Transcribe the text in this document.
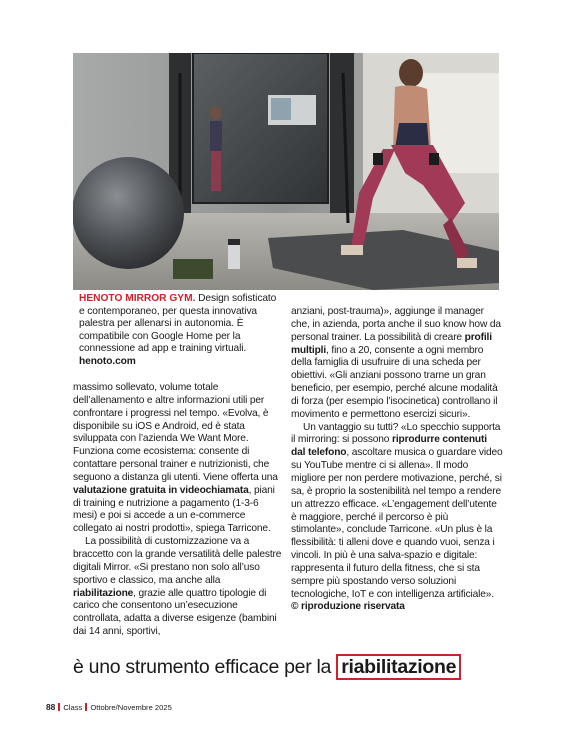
HENOTO MIRROR GYM. Design sofisticato e contemporaneo, per questa innovativa palestra per allenarsi in autonomia. È compatibile con Google Home per la connessione ad app e training virtuali. henoto.com

massimo sollevato, volume totale dell’allenamento e altre informazioni utili per confrontare i progressi nel tempo. «Evolva, è disponibile su iOS e Android, ed è stata sviluppata con l’azienda We Want More. Funziona come ecosistema: consente di contattare personal trainer e nutrizionisti, che seguono a distanza gli utenti. Viene offerta una valutazione gratuita in videochiamata, piani di training e nutrizione a pagamento (1-3-6 mesi) e poi si accede a un e-commerce collegato ai nostri prodotti», spiega Tarricone.

La possibilità di customizzazione va a braccetto con la grande versatilità delle palestre digitali Mirror. «Si prestano non solo all’uso sportivo e classico, ma anche alla riabilitazione, grazie alle quattro tipologie di carico che consentono un’esecuzione controllata, adatta a diverse esigenze (bambini dai 14 anni, sportivi,

anziani, post-trauma)», aggiunge il manager che, in azienda, porta anche il suo know how da personal trainer. La possibilità di creare profili multipli, fino a 20, consente a ogni membro della famiglia di usufruire di una scheda per obiettivi. «Gli anziani possono trarne un gran beneficio, per esempio, perché alcune modalità di forza (per esempio l’isocinetica) controllano il movimento e permettono esercizi sicuri».

Un vantaggio su tutti? «Lo specchio supporta il mirroring: si possono riprodurre contenuti dal telefono, ascoltare musica o guardare video su YouTube mentre ci si allena». Il modo migliore per non perdere motivazione, perché, si sa, è proprio la sostenibilità nel tempo a rendere un attrezzo efficace. «L’engagement dell’utente è maggiore, perché il percorso è più stimolante», conclude Tarricone. «Un plus è la flessibilità: ti alleni dove e quando vuoi, senza i vincoli. In più è una salva-spazio e digitale: rappresenta il futuro della fitness, che si sta sempre più spostando verso soluzioni tecnologiche, IoT e con intelligenza artificiale». © riproduzione riservata

è uno strumento efficace per la riabilitazione
88 Class Ottobre/Novembre 2025
